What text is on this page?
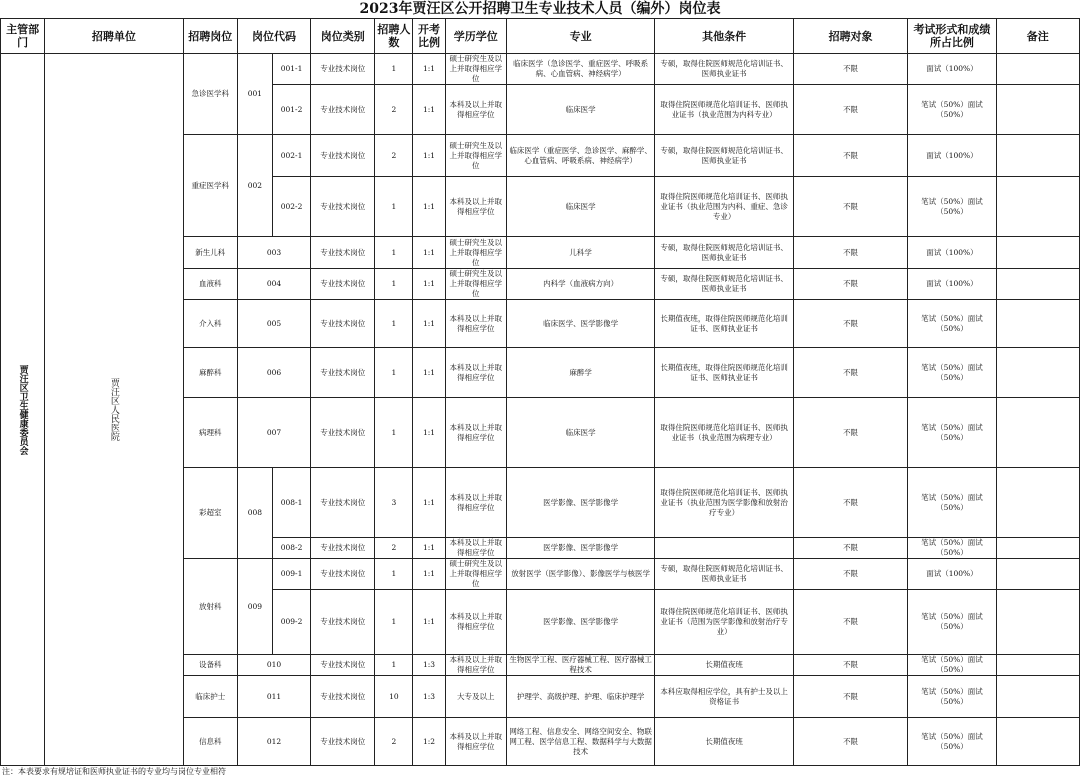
2023年贾汪区公开招聘卫生专业技术人员（编外）岗位表
主管部门	招聘单位	招聘岗位	岗位代码		岗位类别	招聘人数	开考比例	学历学位	专业	其他条件	招聘对象	考试形式和成绩所占比例	备注
贾汪区卫生健康委员会	贾汪区人民医院	急诊医学科	001	001-1	专业技术岗位	1	1:1	硕士研究生及以上并取得相应学位	临床医学（急诊医学、重症医学、呼吸系病、心血管病、神经病学）	专硕，取得住院医师规范化培训证书、医师执业证书	不限	面试（100%）	
				001-2	专业技术岗位	2	1:1	本科及以上并取得相应学位	临床医学	取得住院医师规范化培训证书、医师执业证书（执业范围为内科专业）	不限	笔试（50%）面试（50%）	
		重症医学科	002	002-1	专业技术岗位	2	1:1	硕士研究生及以上并取得相应学位	临床医学（重症医学、急诊医学、麻醉学、心血管病、呼吸系病、神经病学）	专硕，取得住院医师规范化培训证书、医师执业证书	不限	面试（100%）	
				002-2	专业技术岗位	1	1:1	本科及以上并取得相应学位	临床医学	取得住院医师规范化培训证书、医师执业证书（执业范围为内科、重症、急诊专业）	不限	笔试（50%）面试（50%）	
		新生儿科	003		专业技术岗位	1	1:1	硕士研究生及以上并取得相应学位	儿科学	专硕，取得住院医师规范化培训证书、医师执业证书	不限	面试（100%）	
		血液科	004		专业技术岗位	1	1:1	硕士研究生及以上并取得相应学位	内科学（血液病方向）	专硕，取得住院医师规范化培训证书、医师执业证书	不限	面试（100%）	
		介入科	005		专业技术岗位	1	1:1	本科及以上并取得相应学位	临床医学、医学影像学	长期值夜班，取得住院医师规范化培训证书、医师执业证书	不限	笔试（50%）面试（50%）	
		麻醉科	006		专业技术岗位	1	1:1	本科及以上并取得相应学位	麻醉学	长期值夜班，取得住院医师规范化培训证书、医师执业证书	不限	笔试（50%）面试（50%）	
		病理科	007		专业技术岗位	1	1:1	本科及以上并取得相应学位	临床医学	取得住院医师规范化培训证书、医师执业证书（执业范围为病理专业）	不限	笔试（50%）面试（50%）	
		彩超室	008	008-1	专业技术岗位	3	1:1	本科及以上并取得相应学位	医学影像、医学影像学	取得住院医师规范化培训证书、医师执业证书（执业范围为医学影像和放射治疗专业）	不限	笔试（50%）面试（50%）	
				008-2	专业技术岗位	2	1:1	本科及以上并取得相应学位	医学影像、医学影像学		不限	笔试（50%）面试（50%）	
		放射科	009	009-1	专业技术岗位	1	1:1	硕士研究生及以上并取得相应学位	放射医学（医学影像）、影像医学与核医学	专硕，取得住院医师规范化培训证书、医师执业证书	不限	面试（100%）	
				009-2	专业技术岗位	1	1:1	本科及以上并取得相应学位	医学影像、医学影像学	取得住院医师规范化培训证书、医师执业证书（范围为医学影像和放射治疗专业）	不限	笔试（50%）面试（50%）	
		设备科	010		专业技术岗位	1	1:3	本科及以上并取得相应学位	生物医学工程、医疗器械工程、医疗器械工程技术	长期值夜班	不限	笔试（50%）面试（50%）	
		临床护士	011		专业技术岗位	10	1:3	大专及以上	护理学、高级护理、护理、临床护理学	本科应取得相应学位，具有护士及以上资格证书	不限	笔试（50%）面试（50%）	
		信息科	012		专业技术岗位	2	1:2	本科及以上并取得相应学位	网络工程、信息安全、网络空间安全、物联网工程、医学信息工程、数据科学与大数据技术	长期值夜班	不限	笔试（50%）面试（50%）	
注：本表要求有规培证和医师执业证书的专业均与岗位专业相符
